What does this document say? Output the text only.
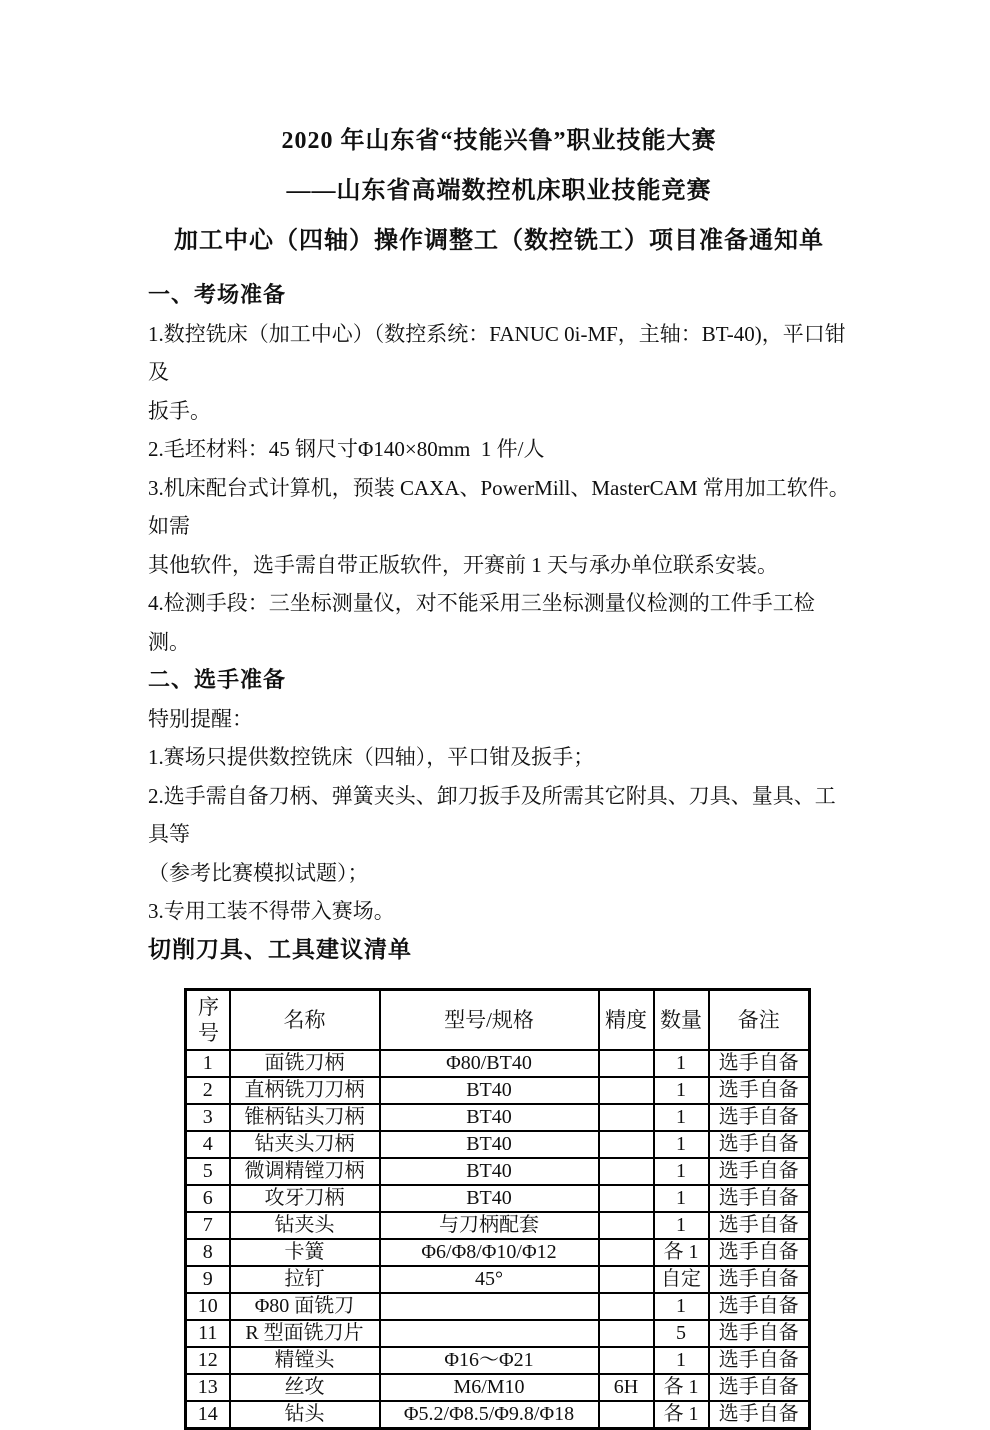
2020 年山东省“技能兴鲁”职业技能大赛
——山东省高端数控机床职业技能竞赛
加工中心（四轴）操作调整工（数控铣工）项目准备通知单

一、考场准备

1.数控铣床（加工中心）（数控系统：FANUC 0i-MF，主轴：BT-40)，平口钳及

扳手。

2.毛坯材料：45 钢尺寸Φ140×80mm  1 件/人

3.机床配台式计算机，预装 CAXA、PowerMill、MasterCAM 常用加工软件。如需

其他软件，选手需自带正版软件，开赛前 1 天与承办单位联系安装。

4.检测手段：三坐标测量仪，对不能采用三坐标测量仪检测的工件手工检测。

二、选手准备

特别提醒：

1.赛场只提供数控铣床（四轴），平口钳及扳手；

2.选手需自备刀柄、弹簧夹头、卸刀扳手及所需其它附具、刀具、量具、工具等

（参考比赛模拟试题）；

3.专用工装不得带入赛场。

切削刀具、工具建议清单

序号	名称	型号/规格	精度	数量	备注
1	面铣刀柄	Φ80/BT40		1	选手自备
2	直柄铣刀刀柄	BT40		1	选手自备
3	锥柄钻头刀柄	BT40		1	选手自备
4	钻夹头刀柄	BT40		1	选手自备
5	微调精镗刀柄	BT40		1	选手自备
6	攻牙刀柄	BT40		1	选手自备
7	钻夹头	与刀柄配套		1	选手自备
8	卡簧	Φ6/Φ8/Φ10/Φ12		各 1	选手自备
9	拉钉	45°		自定	选手自备
10	Φ80 面铣刀			1	选手自备
11	R 型面铣刀片			5	选手自备
12	精镗头	Φ16～Φ21		1	选手自备
13	丝攻	M6/M10	6H	各 1	选手自备
14	钻头	Φ5.2/Φ8.5/Φ9.8/Φ18		各 1	选手自备
